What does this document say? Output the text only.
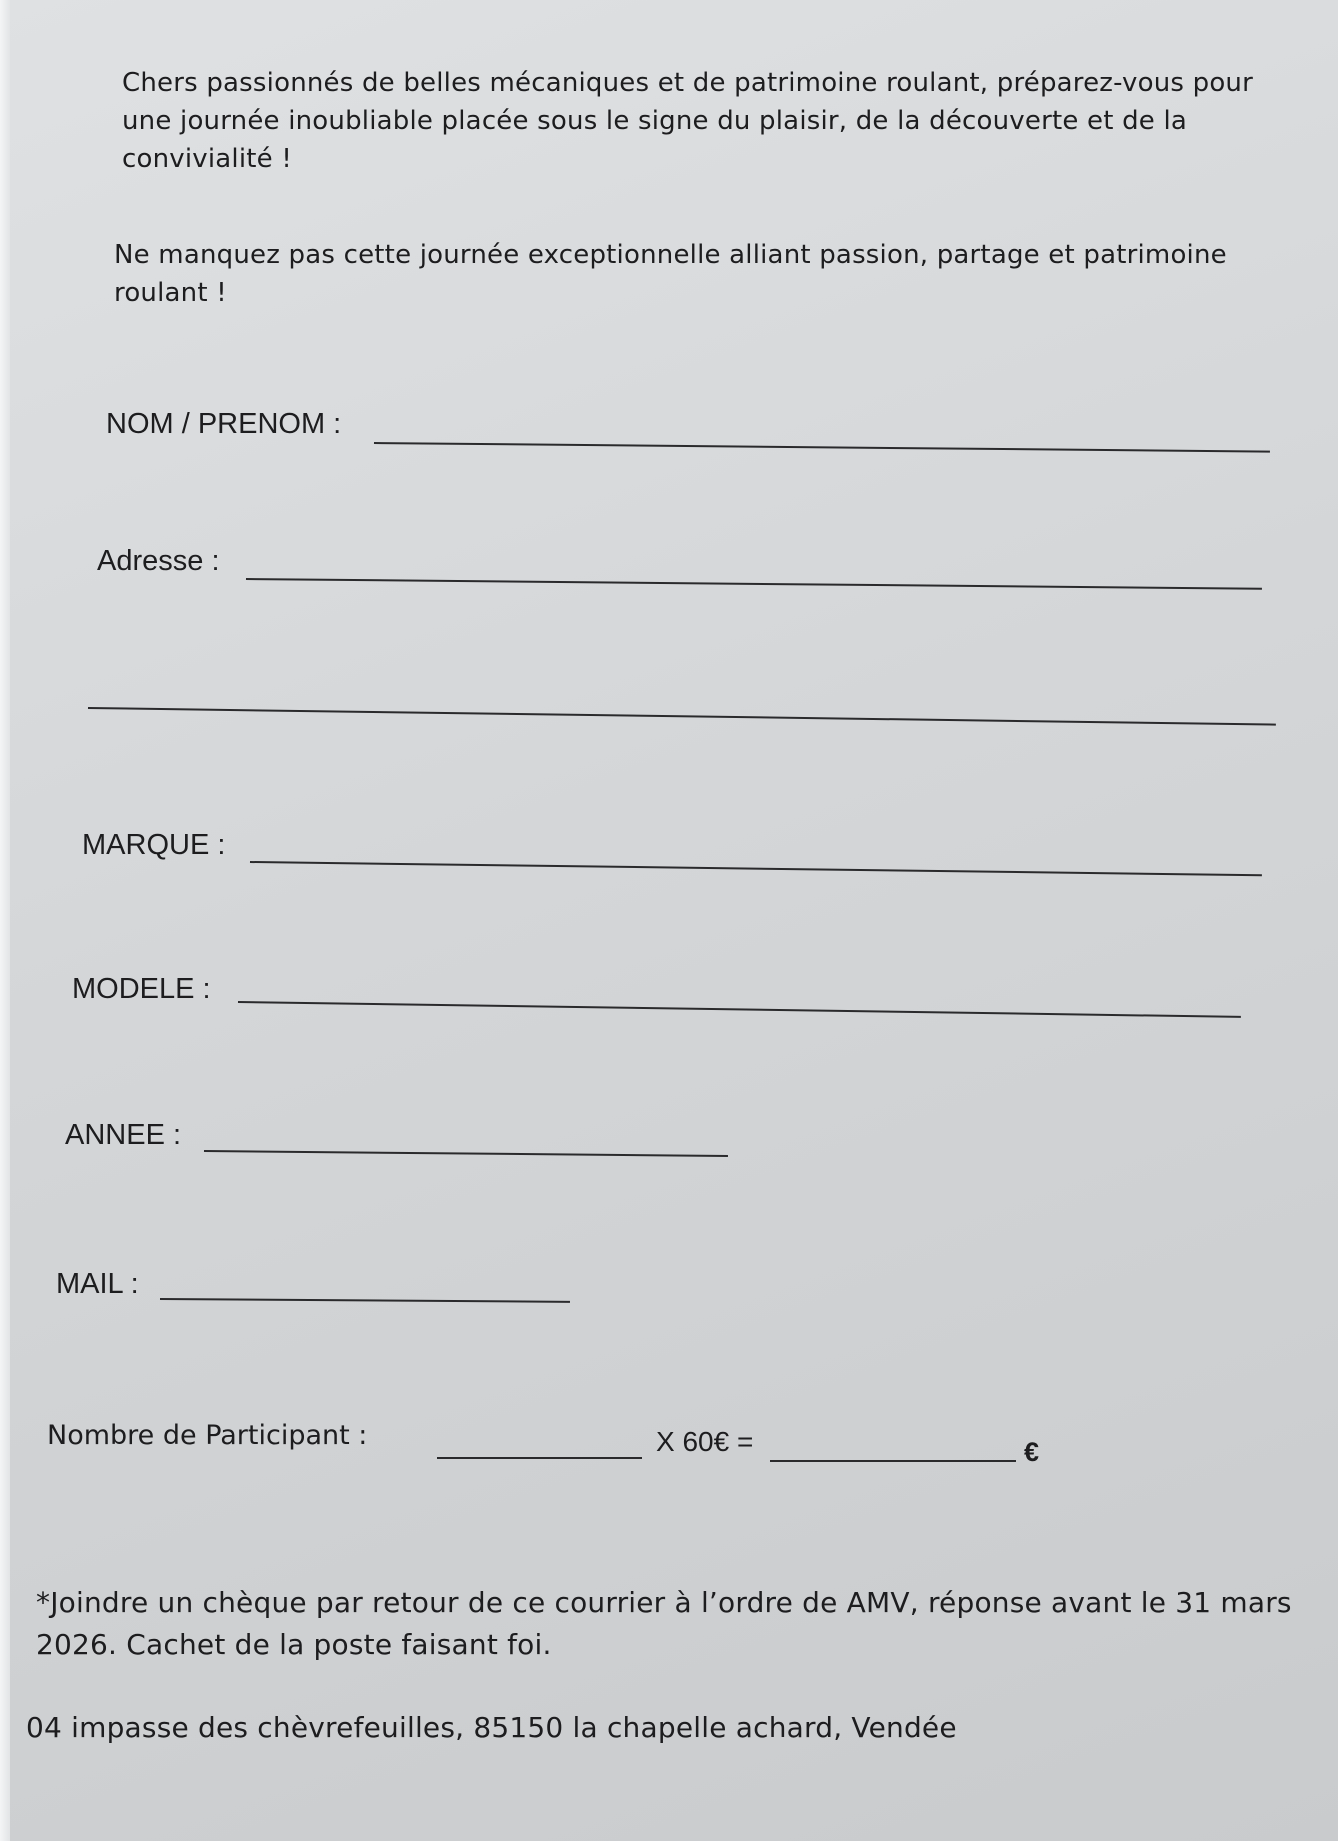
Chers passionnés de belles mécaniques et de patrimoine roulant, préparez-vous pour une journée inoubliable placée sous le signe du plaisir, de la découverte et de la convivialité !

Ne manquez pas cette journée exceptionnelle alliant passion, partage et patrimoine roulant !

NOM / PRENOM :
Adresse :
MARQUE :
MODELE :
ANNEE :
MAIL :
Nombre de Participant :	X 60€ =	€

*Joindre un chèque par retour de ce courrier à l’ordre de AMV, réponse avant le 31 mars 2026. Cachet de la poste faisant foi.

04 impasse des chèvrefeuilles, 85150 la chapelle achard, Vendée
